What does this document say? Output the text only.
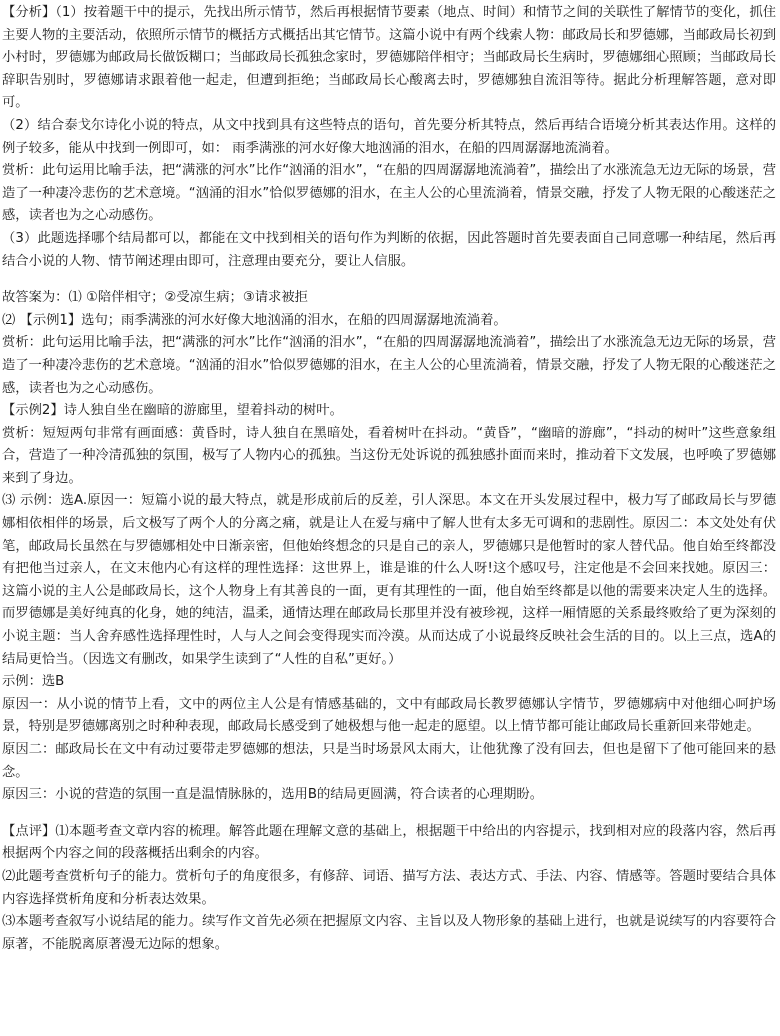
【分析】（1）按着题干中的提示，先找出所示情节，然后再根据情节要素（地点、时间）和情节之间的关联性了解情节的变化，抓住主要人物的主要活动，依照所示情节的概括方式概括出其它情节。这篇小说中有两个线索人物：邮政局长和罗德娜，当邮政局长初到小村时，罗德娜为邮政局长做饭糊口；当邮政局长孤独念家时，罗德娜陪伴相守；当邮政局长生病时，罗德娜细心照顾；当邮政局长辞职告别时，罗德娜请求跟着他一起走，但遭到拒绝；当邮政局长心酸离去时，罗德娜独自流泪等待。据此分析理解答题，意对即可。

（2）结合泰戈尔诗化小说的特点，从文中找到具有这些特点的语句，首先要分析其特点，然后再结合语境分析其表达作用。这样的例子较多，能从中找到一例即可，如： 雨季满涨的河水好像大地汹涌的泪水，在船的四周潺潺地流淌着。

赏析：此句运用比喻手法，把“满涨的河水”比作“汹涌的泪水”，“在船的四周潺潺地流淌着”，描绘出了水涨流急无边无际的场景，营造了一种凄冷悲伤的艺术意境。“汹涌的泪水”恰似罗德娜的泪水，在主人公的心里流淌着，情景交融，抒发了人物无限的心酸迷茫之感，读者也为之心动感伤。

（3）此题选择哪个结局都可以，都能在文中找到相关的语句作为判断的依据，因此答题时首先要表面自己同意哪一种结尾，然后再结合小说的人物、情节阐述理由即可，注意理由要充分，要让人信服。

故答案为：⑴ ①陪伴相守；②受凉生病；③请求被拒

⑵ 【示例1】选句；雨季满涨的河水好像大地汹涌的泪水，在船的四周潺潺地流淌着。

赏析：此句运用比喻手法，把“满涨的河水”比作“汹涌的泪水”，“在船的四周潺潺地流淌着”，描绘出了水涨流急无边无际的场景，营造了一种凄冷悲伤的艺术意境。“汹涌的泪水”恰似罗德娜的泪水，在主人公的心里流淌着，情景交融，抒发了人物无限的心酸迷茫之感，读者也为之心动感伤。

【示例2】诗人独自坐在幽暗的游廊里，望着抖动的树叶。

赏析：短短两句非常有画面感：黄昏时，诗人独自在黑暗处，看着树叶在抖动。“黄昏”，“幽暗的游廊”，“抖动的树叶”这些意象组合，营造了一种冷清孤独的氛围，极写了人物内心的孤独。当这份无处诉说的孤独感扑面而来时，推动着下文发展，也呼唤了罗德娜来到了身边。

⑶ 示例：选A.原因一：短篇小说的最大特点，就是形成前后的反差，引人深思。本文在开头发展过程中，极力写了邮政局长与罗德娜相依相伴的场景，后文极写了两个人的分离之痛，就是让人在爱与痛中了解人世有太多无可调和的悲剧性。原因二：本文处处有伏笔，邮政局长虽然在与罗德娜相处中日渐亲密，但他始终想念的只是自己的亲人，罗德娜只是他暂时的家人替代品。他自始至终都没有把他当过亲人，在文末他内心有这样的理性选择：这世界上，谁是谁的什么人呀!这个感叹号，注定他是不会回来找她。原因三：这篇小说的主人公是邮政局长，这个人物身上有其善良的一面，更有其理性的一面，他自始至终都是以他的需要来决定人生的选择。而罗德娜是美好纯真的化身，她的纯洁，温柔，通情达理在邮政局长那里并没有被珍视，这样一厢情愿的关系最终败给了更为深刻的小说主题：当人舍弃感性选择理性时，人与人之间会变得现实而冷漠。从而达成了小说最终反映社会生活的目的。以上三点，选A的结局更恰当。（因选文有删改，如果学生读到了“人性的自私”更好。）

示例：选B

原因一：从小说的情节上看，文中的两位主人公是有情感基础的，文中有邮政局长教罗德娜认字情节，罗德娜病中对他细心呵护场景，特别是罗德娜离别之时种种表现，邮政局长感受到了她极想与他一起走的愿望。以上情节都可能让邮政局长重新回来带她走。

原因二：邮政局长在文中有动过要带走罗德娜的想法，只是当时场景风太雨大，让他犹豫了没有回去，但也是留下了他可能回来的悬念。

原因三：小说的营造的氛围一直是温情脉脉的，选用B的结局更圆满，符合读者的心理期盼。

【点评】⑴本题考查文章内容的梳理。解答此题在理解文意的基础上，根据题干中给出的内容提示，找到相对应的段落内容，然后再根据两个内容之间的段落概括出剩余的内容。

⑵此题考查赏析句子的能力。赏析句子的角度很多，有修辞、词语、描写方法、表达方式、手法、内容、情感等。答题时要结合具体内容选择赏析角度和分析表达效果。

⑶本题考查叙写小说结尾的能力。续写作文首先必须在把握原文内容、主旨以及人物形象的基础上进行，也就是说续写的内容要符合原著，不能脱离原著漫无边际的想象。
